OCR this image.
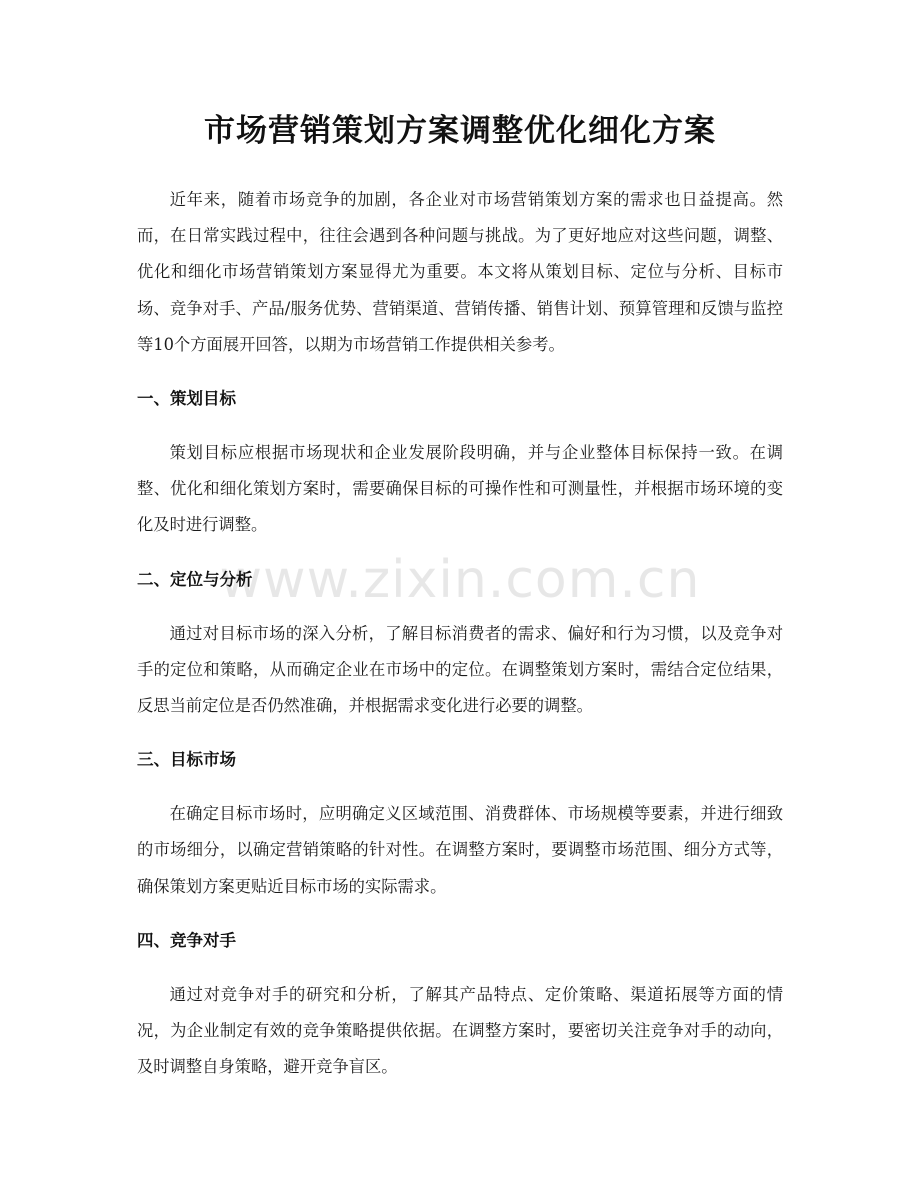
市场营销策划方案调整优化细化方案
www.zixin.com.cn

近年来，随着市场竞争的加剧，各企业对市场营销策划方案的需求也日益提高。然而，在日常实践过程中，往往会遇到各种问题与挑战。为了更好地应对这些问题，调整、优化和细化市场营销策划方案显得尤为重要。本文将从策划目标、定位与分析、目标市场、竞争对手、产品/服务优势、营销渠道、营销传播、销售计划、预算管理和反馈与监控等10个方面展开回答，以期为市场营销工作提供相关参考。

一、策划目标

策划目标应根据市场现状和企业发展阶段明确，并与企业整体目标保持一致。在调整、优化和细化策划方案时，需要确保目标的可操作性和可测量性，并根据市场环境的变化及时进行调整。

二、定位与分析

通过对目标市场的深入分析，了解目标消费者的需求、偏好和行为习惯，以及竞争对手的定位和策略，从而确定企业在市场中的定位。在调整策划方案时，需结合定位结果，反思当前定位是否仍然准确，并根据需求变化进行必要的调整。

三、目标市场

在确定目标市场时，应明确定义区域范围、消费群体、市场规模等要素，并进行细致的市场细分，以确定营销策略的针对性。在调整方案时，要调整市场范围、细分方式等，确保策划方案更贴近目标市场的实际需求。

四、竞争对手

通过对竞争对手的研究和分析，了解其产品特点、定价策略、渠道拓展等方面的情况，为企业制定有效的竞争策略提供依据。在调整方案时，要密切关注竞争对手的动向，及时调整自身策略，避开竞争盲区。
